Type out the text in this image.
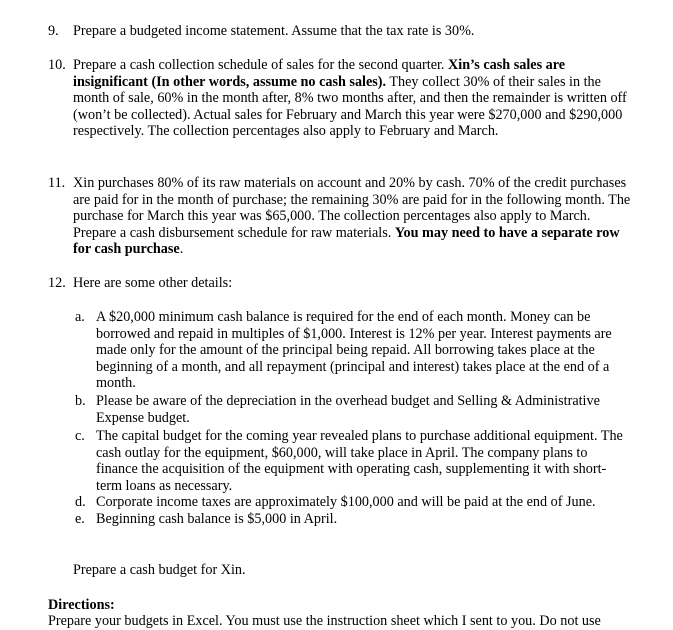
9. Prepare a budgeted income statement. Assume that the tax rate is 30%.
10. Prepare a cash collection schedule of sales for the second quarter. Xin’s cash sales are insignificant (In other words, assume no cash sales). They collect 30% of their sales in the month of sale, 60% in the month after, 8% two months after, and then the remainder is written off (won’t be collected). Actual sales for February and March this year were $270,000 and $290,000 respectively. The collection percentages also apply to February and March.
11. Xin purchases 80% of its raw materials on account and 20% by cash. 70% of the credit purchases are paid for in the month of purchase; the remaining 30% are paid for in the following month. The purchase for March this year was $65,000. The collection percentages also apply to March. Prepare a cash disbursement schedule for raw materials. You may need to have a separate row for cash purchase.
12. Here are some other details:
a. A $20,000 minimum cash balance is required for the end of each month. Money can be borrowed and repaid in multiples of $1,000. Interest is 12% per year. Interest payments are made only for the amount of the principal being repaid. All borrowing takes place at the beginning of a month, and all repayment (principal and interest) takes place at the end of a month.
b. Please be aware of the depreciation in the overhead budget and Selling & Administrative Expense budget.
c. The capital budget for the coming year revealed plans to purchase additional equipment. The cash outlay for the equipment, $60,000, will take place in April. The company plans to finance the acquisition of the equipment with operating cash, supplementing it with short-term loans as necessary.
d. Corporate income taxes are approximately $100,000 and will be paid at the end of June.
e. Beginning cash balance is $5,000 in April.
Prepare a cash budget for Xin.
Directions:
Prepare your budgets in Excel. You must use the instruction sheet which I sent to you. Do not use
